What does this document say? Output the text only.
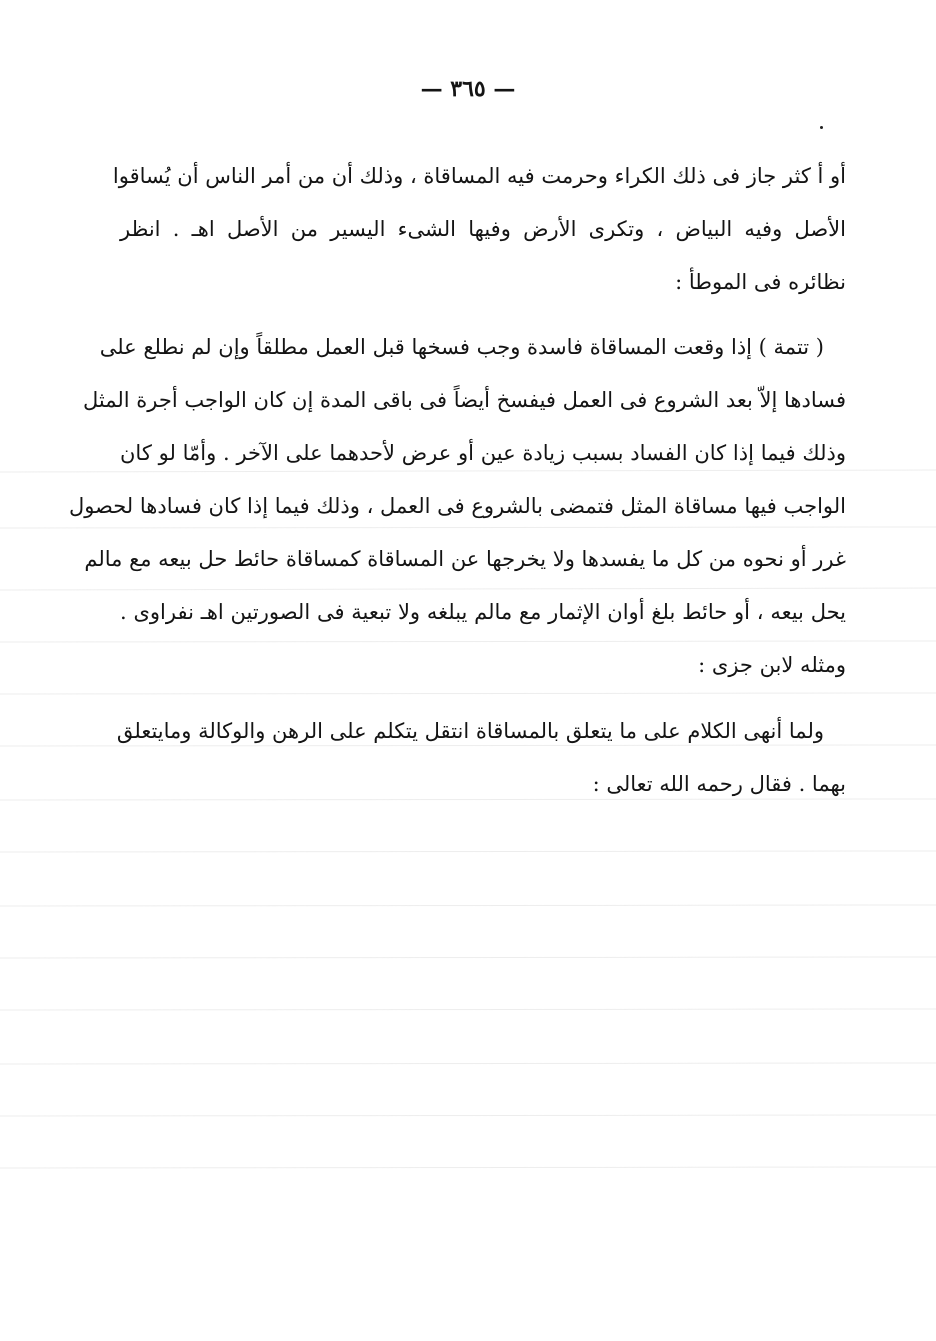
— ٣٦٥ —
أو أ كثر جاز فى ذلك الكراء وحرمت فيه المساقاة ، وذلك أن من أمر الناس أن يُساقوا
الأصل وفيه البياض ، وتكرى الأرض وفيها الشىء اليسير من الأصل اهـ . انظر
نظائره فى الموطأ :
( تتمة ) إذا وقعت المساقاة فاسدة وجب فسخها قبل العمل مطلقاً وإن لم نطلع على
فسادها إلاّ بعد الشروع فى العمل فيفسخ أيضاً فى باقى المدة إن كان الواجب أجرة المثل
وذلك فيما إذا كان الفساد بسبب زيادة عين أو عرض لأحدهما على الآخر . وأمّا لو كان
الواجب فيها مساقاة المثل فتمضى بالشروع فى العمل ، وذلك فيما إذا كان فسادها لحصول
غرر أو نحوه من كل ما يفسدها ولا يخرجها عن المساقاة كمساقاة حائط حل بيعه مع مالم
يحل بيعه ، أو حائط بلغ أوان الإثمار مع مالم يبلغه ولا تبعية فى الصورتين اهـ نفراوى .
ومثله لابن جزى :
ولما أنهى الكلام على ما يتعلق بالمساقاة انتقل يتكلم على الرهن والوكالة ومايتعلق
بهما . فقال رحمه الله تعالى :
